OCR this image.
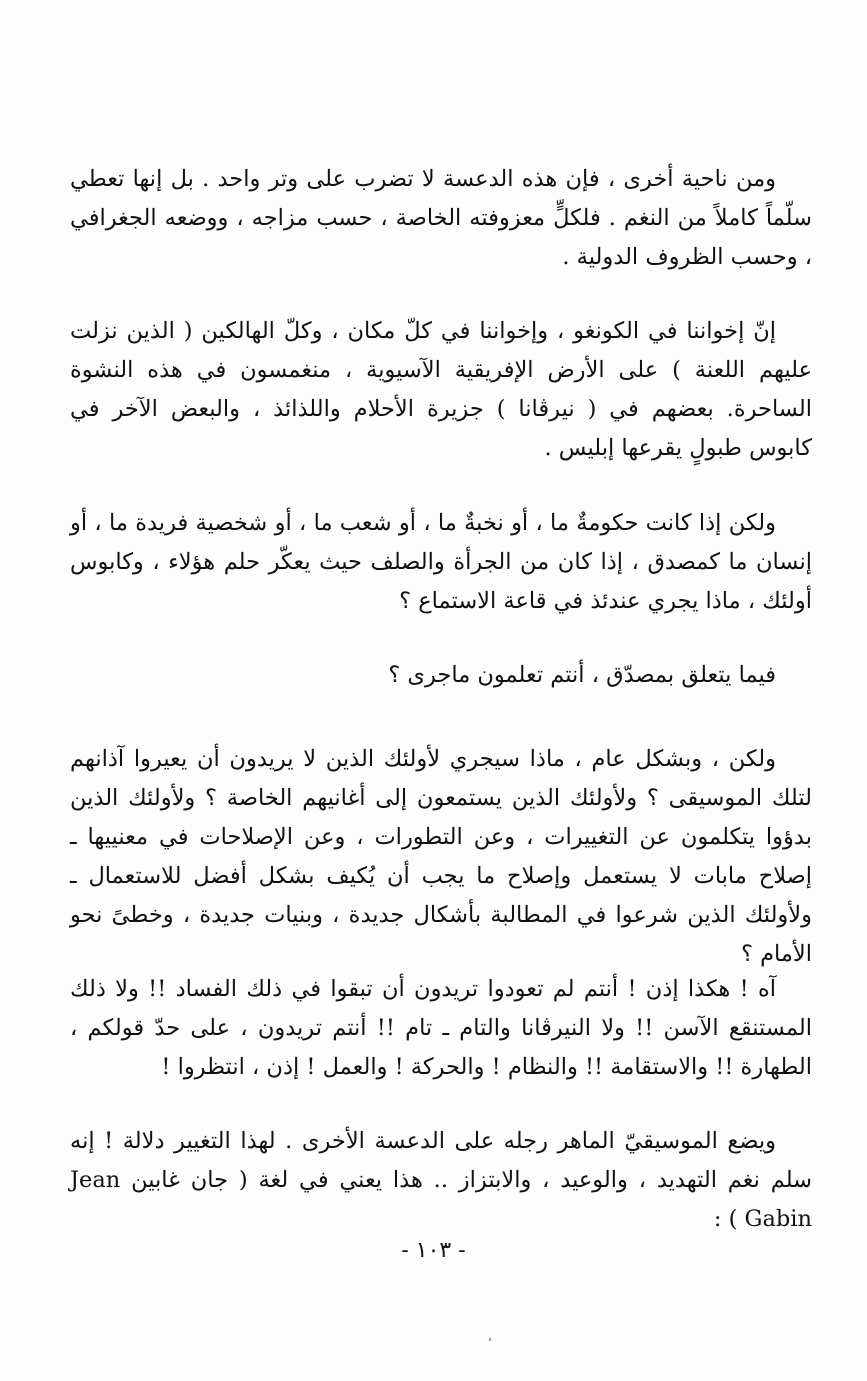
ومن ناحية أخرى ، فإن هذه الدعسة لا تضرب على وتر واحد . بل إنها تعطي سلّماً كاملاً من النغم . فلكلٍّ معزوفته الخاصة ، حسب مزاجه ، ووضعه الجغرافي ، وحسب الظروف الدولية .

إنّ إخواننا في الكونغو ، وإخواننا في كلّ مكان ، وكلّ الهالكين ( الذين نزلت عليهم اللعنة ) على الأرض الإفريقية الآسيوية ، منغمسون في هذه النشوة الساحرة. بعضهم في ( نيرڤانا ) جزيرة الأحلام واللذائذ ، والبعض الآخر في كابوس طبولٍ يقرعها إبليس .

ولكن إذا كانت حكومةٌ ما ، أو نخبةٌ ما ، أو شعب ما ، أو شخصية فريدة ما ، أو إنسان ما كمصدق ، إذا كان من الجرأة والصلف حيث يعكّر حلم هؤلاء ، وكابوس أولئك ، ماذا يجري عندئذ في قاعة الاستماع ؟

فيما يتعلق بمصدّق ، أنتم تعلمون ماجرى ؟

ولكن ، وبشكل عام ، ماذا سيجري لأولئك الذين لا يريدون أن يعيروا آذانهم لتلك الموسيقى ؟ ولأولئك الذين يستمعون إلى أغانيهم الخاصة ؟ ولأولئك الذين بدؤوا يتكلمون عن التغييرات ، وعن التطورات ، وعن الإصلاحات في معنييها ـ إصلاح مابات لا يستعمل وإصلاح ما يجب أن يُكيف بشكل أفضل للاستعمال ـ ولأولئك الذين شرعوا في المطالبة بأشكال جديدة ، وبنيات جديدة ، وخطىً نحو الأمام ؟

آه ! هكذا إذن ! أنتم لم تعودوا تريدون أن تبقوا في ذلك الفساد !! ولا ذلك المستنقع الآسن !! ولا النيرڤانا والتام ـ تام !! أنتم تريدون ، على حدّ قولكم ، الطهارة !! والاستقامة !! والنظام ! والحركة ! والعمل ! إذن ، انتظروا !

ويضع الموسيقيّ الماهر رجله على الدعسة الأخرى . لهذا التغيير دلالة ! إنه سلم نغم التهديد ، والوعيد ، والابتزاز .. هذا يعني في لغة ( جان غابين Jean Gabin ) :

- ١٠٣ -
